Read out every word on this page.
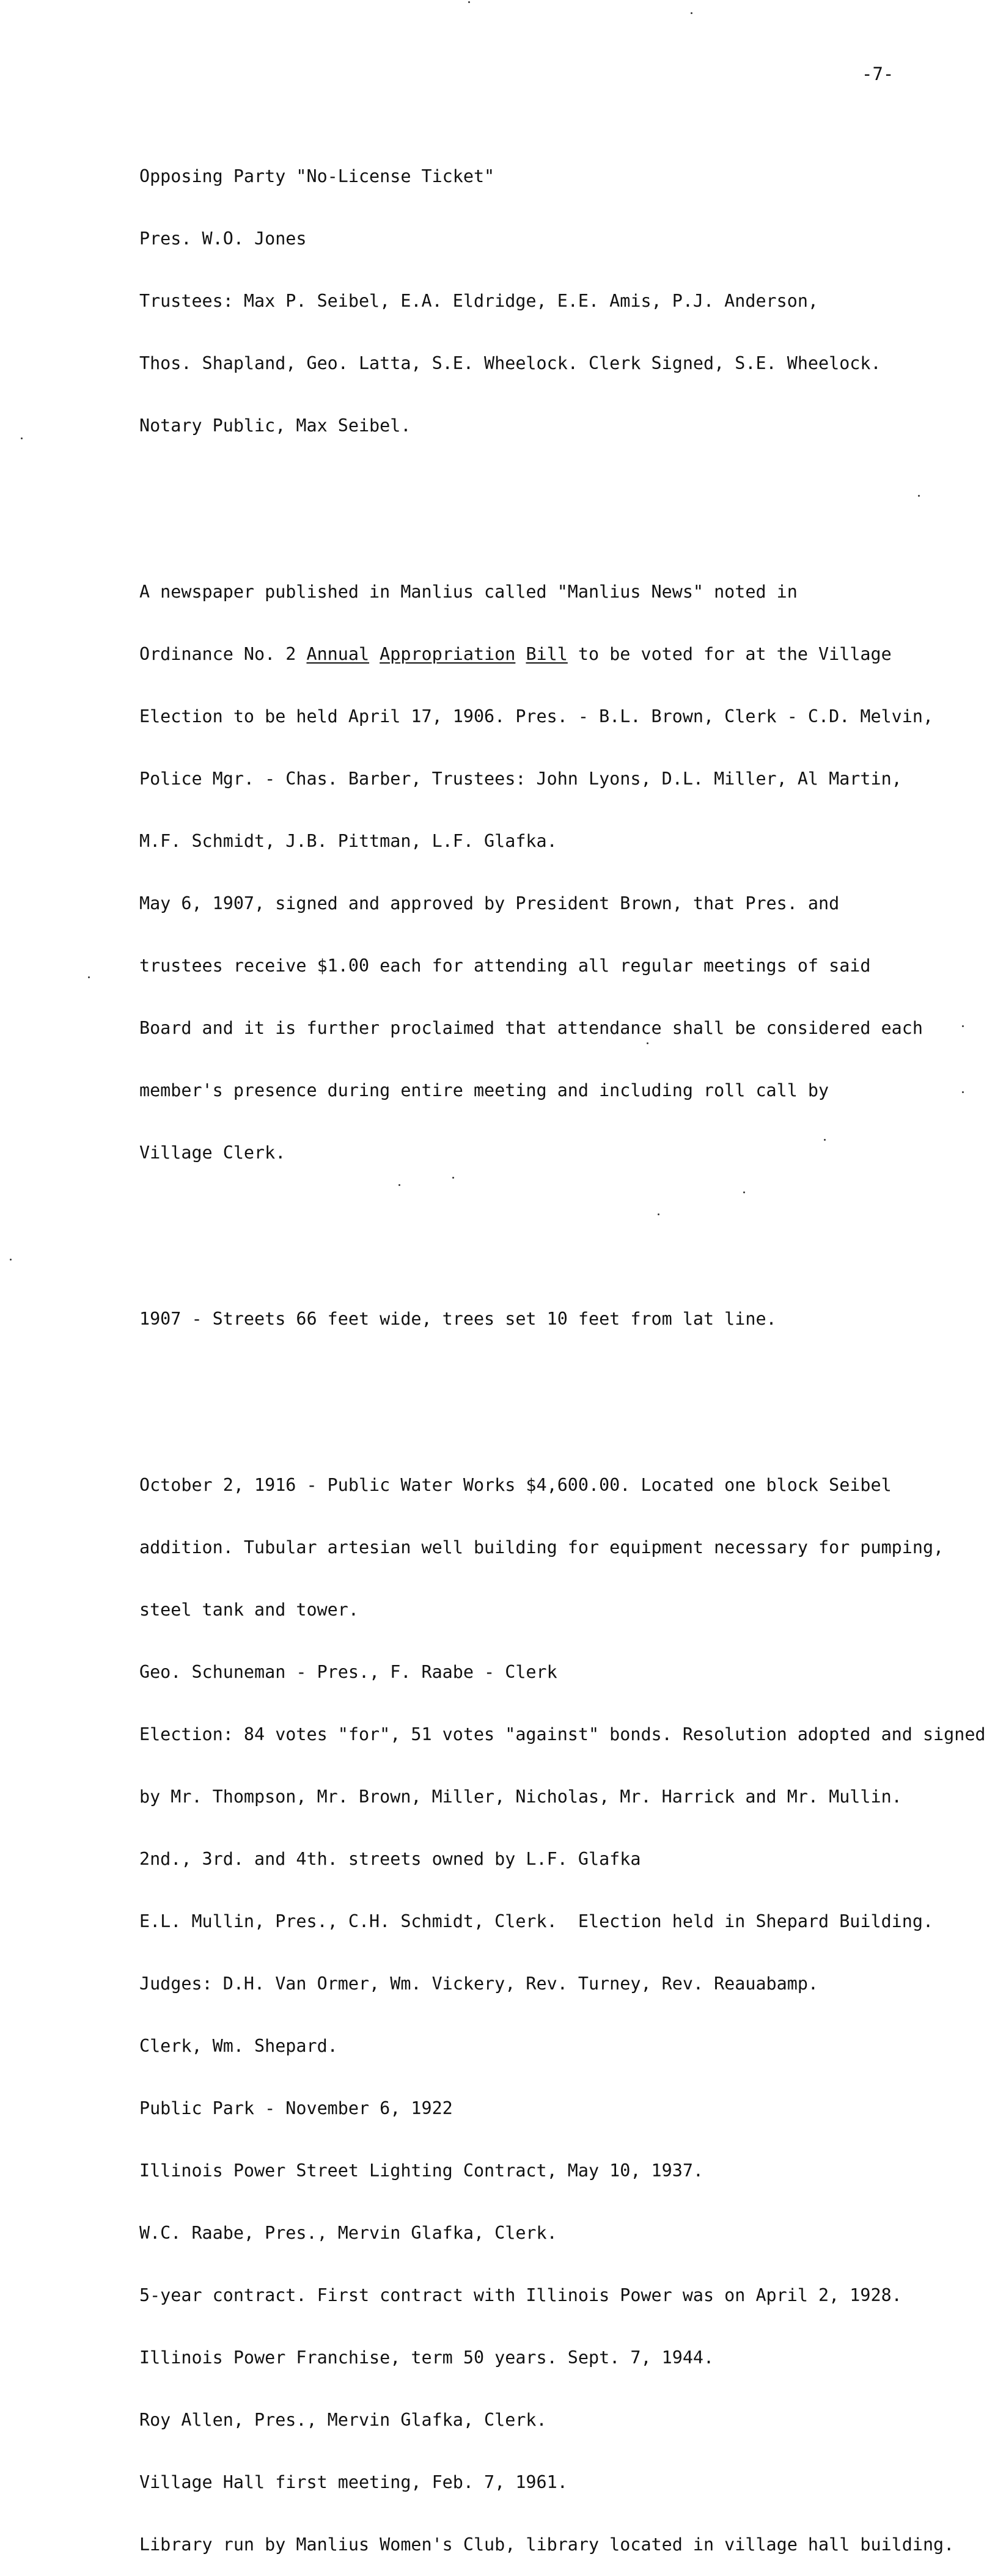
-7-

Opposing Party "No-License Ticket"

Pres. W.O. Jones

Trustees: Max P. Seibel, E.A. Eldridge, E.E. Amis, P.J. Anderson,

Thos. Shapland, Geo. Latta, S.E. Wheelock. Clerk Signed, S.E. Wheelock.

Notary Public, Max Seibel.

A newspaper published in Manlius called "Manlius News" noted in

Ordinance No. 2 Annual Appropriation Bill to be voted for at the Village

Election to be held April 17, 1906. Pres. - B.L. Brown, Clerk - C.D. Melvin,

Police Mgr. - Chas. Barber, Trustees: John Lyons, D.L. Miller, Al Martin,

M.F. Schmidt, J.B. Pittman, L.F. Glafka.

May 6, 1907, signed and approved by President Brown, that Pres. and

trustees receive $1.00 each for attending all regular meetings of said

Board and it is further proclaimed that attendance shall be considered each

member's presence during entire meeting and including roll call by

Village Clerk.

1907 - Streets 66 feet wide, trees set 10 feet from lat line.

October 2, 1916 - Public Water Works $4,600.00. Located one block Seibel

addition. Tubular artesian well building for equipment necessary for pumping,

steel tank and tower.

Geo. Schuneman - Pres., F. Raabe - Clerk

Election: 84 votes "for", 51 votes "against" bonds. Resolution adopted and signed

by Mr. Thompson, Mr. Brown, Miller, Nicholas, Mr. Harrick and Mr. Mullin.

2nd., 3rd. and 4th. streets owned by L.F. Glafka

E.L. Mullin, Pres., C.H. Schmidt, Clerk.  Election held in Shepard Building.

Judges: D.H. Van Ormer, Wm. Vickery, Rev. Turney, Rev. Reauabamp.

Clerk, Wm. Shepard.

Public Park - November 6, 1922

Illinois Power Street Lighting Contract, May 10, 1937.

W.C. Raabe, Pres., Mervin Glafka, Clerk.

5-year contract. First contract with Illinois Power was on April 2, 1928.

Illinois Power Franchise, term 50 years. Sept. 7, 1944.

Roy Allen, Pres., Mervin Glafka, Clerk.

Village Hall first meeting, Feb. 7, 1961.

Library run by Manlius Women's Club, library located in village hall building.
